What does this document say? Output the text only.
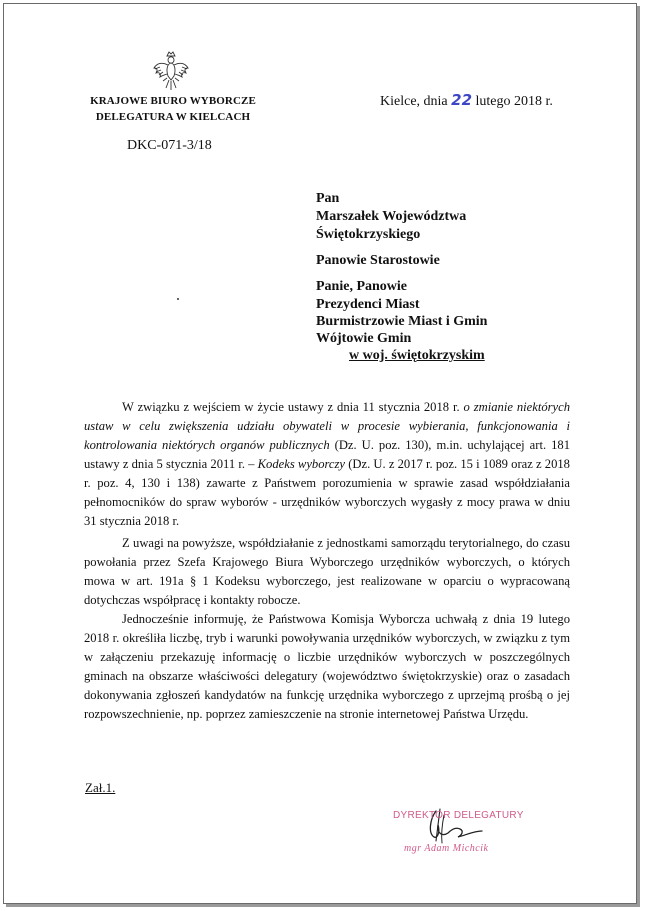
KRAJOWE BIURO WYBORCZE
DELEGATURA W KIELCACH
DKC-071-3/18
Kielce, dnia 22 lutego 2018 r.
Pan
Marszałek Województwa
Świętokrzyskiego
Panowie Starostowie
Panie, Panowie
Prezydenci Miast
Burmistrzowie Miast i Gmin
Wójtowie Gmin
w woj. świętokrzyskim
W związku z wejściem w życie ustawy z dnia 11 stycznia 2018 r. o zmianie niektórych ustaw w celu zwiększenia udziału obywateli w procesie wybierania, funkcjonowania i kontrolowania niektórych organów publicznych (Dz. U. poz. 130), m.in. uchylającej art. 181 ustawy z dnia 5 stycznia 2011 r. – Kodeks wyborczy (Dz. U. z 2017 r. poz. 15 i 1089 oraz z 2018 r. poz. 4, 130 i 138) zawarte z Państwem porozumienia w sprawie zasad współdziałania pełnomocników do spraw wyborów - urzędników wyborczych wygasły z mocy prawa w dniu 31 stycznia 2018 r.
Z uwagi na powyższe, współdziałanie z jednostkami samorządu terytorialnego, do czasu powołania przez Szefa Krajowego Biura Wyborczego urzędników wyborczych, o których mowa w art. 191a § 1 Kodeksu wyborczego, jest realizowane w oparciu o wypracowaną dotychczas współpracę i kontakty robocze.
Jednocześnie informuję, że Państwowa Komisja Wyborcza uchwałą z dnia 19 lutego 2018 r. określiła liczbę, tryb i warunki powoływania urzędników wyborczych, w związku z tym w załączeniu przekazuję informację o liczbie urzędników wyborczych w poszczególnych gminach na obszarze właściwości delegatury (województwo świętokrzyskie) oraz o zasadach dokonywania zgłoszeń kandydatów na funkcję urzędnika wyborczego z uprzejmą prośbą o jej rozpowszechnienie, np. poprzez zamieszczenie na stronie internetowej Państwa Urzędu.
Zał.1.
DYREKTOR DELEGATURY
mgr Adam Michcik
